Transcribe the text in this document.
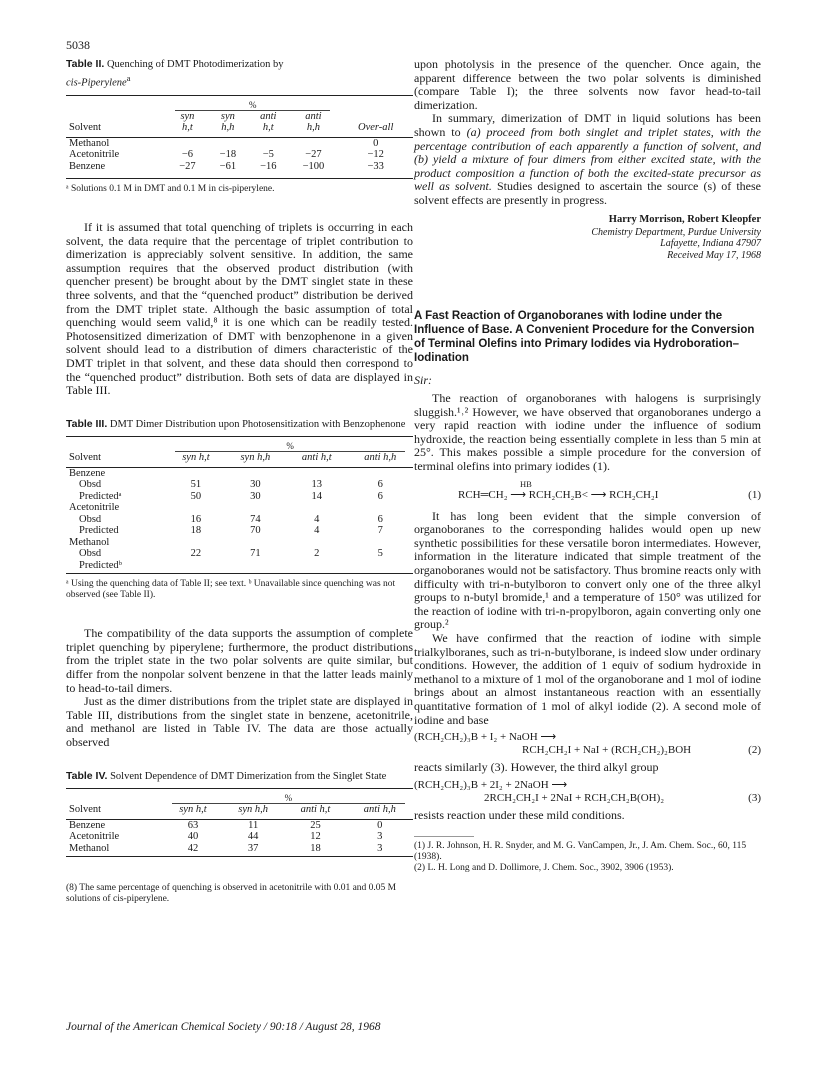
5038

Table II. Quenching of DMT Photodimerization by
cis-Piperylene$^a$

	%				

	syn	syn	anti	anti	
Solvent	h,t	h,h	h,t	h,h	Over-all

Methanol					0
Acetonitrile	−6	−18	−5	−27	−12
Benzene	−27	−61	−16	−100	−33

ᵃ Solutions 0.1 M in DMT and 0.1 M in cis-piperylene.

If it is assumed that total quenching of triplets is occurring in each solvent, the data require that the percentage of triplet contribution to dimerization is appreciably solvent sensitive. In addition, the same assumption requires that the observed product distribution (with quencher present) be brought about by the DMT singlet state in these three solvents, and that the “quenched product” distribution be derived from the DMT triplet state. Although the basic assumption of total quenching would seem valid,⁸ it is one which can be readily tested. Photosensitized dimerization of DMT with benzophenone in a given solvent should lead to a distribution of dimers characteristic of the DMT triplet in that solvent, and these data should then correspond to the “quenched product” distribution. Both sets of data are displayed in Table III.

Table III. DMT Dimer Distribution upon Photosensitization with Benzophenone

	%			

Solvent	syn h,t	syn h,h	anti h,t	anti h,h

Benzene				
Obsd	51	30	13	6
Predictedᵃ	50	30	14	6
Acetonitrile				
Obsd	16	74	4	6
Predicted	18	70	4	7
Methanol				
Obsd	22	71	2	5
Predictedᵇ				

ᵃ Using the quenching data of Table II; see text. ᵇ Unavailable since quenching was not observed (see Table II).

The compatibility of the data supports the assumption of complete triplet quenching by piperylene; furthermore, the product distributions from the triplet state in the two polar solvents are quite similar, but differ from the nonpolar solvent benzene in that the latter leads mainly to head-to-tail dimers.

Just as the dimer distributions from the triplet state are displayed in Table III, distributions from the singlet state in benzene, acetonitrile, and methanol are listed in Table IV. The data are those actually observed

Table IV. Solvent Dependence of DMT Dimerization from the Singlet State

	%			

Solvent	syn h,t	syn h,h	anti h,t	anti h,h

Benzene	63	11	25	0
Acetonitrile	40	44	12	3
Methanol	42	37	18	3

(8) The same percentage of quenching is observed in acetonitrile with 0.01 and 0.05 M solutions of cis-piperylene.

upon photolysis in the presence of the quencher. Once again, the apparent difference between the two polar solvents is diminished (compare Table I); the three solvents now favor head-to-tail dimerization.

In summary, dimerization of DMT in liquid solutions has been shown to (a) proceed from both singlet and triplet states, with the percentage contribution of each apparently a function of solvent, and (b) yield a mixture of four dimers from either excited state, with the product composition a function of both the excited-state precursor as well as solvent. Studies designed to ascertain the source (s) of these solvent effects are presently in progress.

Harry Morrison, Robert Kleopfer

Chemistry Department, Purdue University

Lafayette, Indiana 47907

Received May 17, 1968

A Fast Reaction of Organoboranes with Iodine under the Influence of Base. A Convenient Procedure for the Conversion of Terminal Olefins into Primary Iodides via Hydroboration–Iodination

Sir:

The reaction of organoboranes with halogens is surprisingly sluggish.¹˒² However, we have observed that organoboranes undergo a very rapid reaction with iodine under the influence of sodium hydroxide, the reaction being essentially complete in less than 5 min at 25°. This makes possible a simple procedure for the conversion of terminal olefins into primary iodides (1).

HB
RCH═CH₂ ⟶ RCH₂CH₂B< ⟶ RCH₂CH₂I	(1)

It has long been evident that the simple conversion of organoboranes to the corresponding halides would open up new synthetic possibilities for these versatile boron intermediates. However, information in the literature indicated that simple treatment of the organoboranes would not be satisfactory. Thus bromine reacts only with difficulty with tri-n-butylboron to convert only one of the three alkyl groups to n-butyl bromide,¹ and a temperature of 150° was utilized for the reaction of iodine with tri-n-propylboron, again converting only one group.²

We have confirmed that the reaction of iodine with simple trialkylboranes, such as tri-n-butylborane, is indeed slow under ordinary conditions. However, the addition of 1 equiv of sodium hydroxide in methanol to a mixture of 1 mol of the organoborane and 1 mol of iodine brings about an almost instantaneous reaction with an essentially quantitative formation of 1 mol of alkyl iodide (2). A second mole of iodine and base

(RCH₂CH₂)₃B + I₂ + NaOH ⟶
RCH₂CH₂I + NaI + (RCH₂CH₂)₂BOH	(2)

reacts similarly (3). However, the third alkyl group

(RCH₂CH₂)₃B + 2I₂ + 2NaOH ⟶
2RCH₂CH₂I + 2NaI + RCH₂CH₂B(OH)₂	(3)

resists reaction under these mild conditions.

(1) J. R. Johnson, H. R. Snyder, and M. G. VanCampen, Jr., J. Am. Chem. Soc., 60, 115 (1938).

(2) L. H. Long and D. Dollimore, J. Chem. Soc., 3902, 3906 (1953).

Journal of the American Chemical Society / 90:18 / August 28, 1968
